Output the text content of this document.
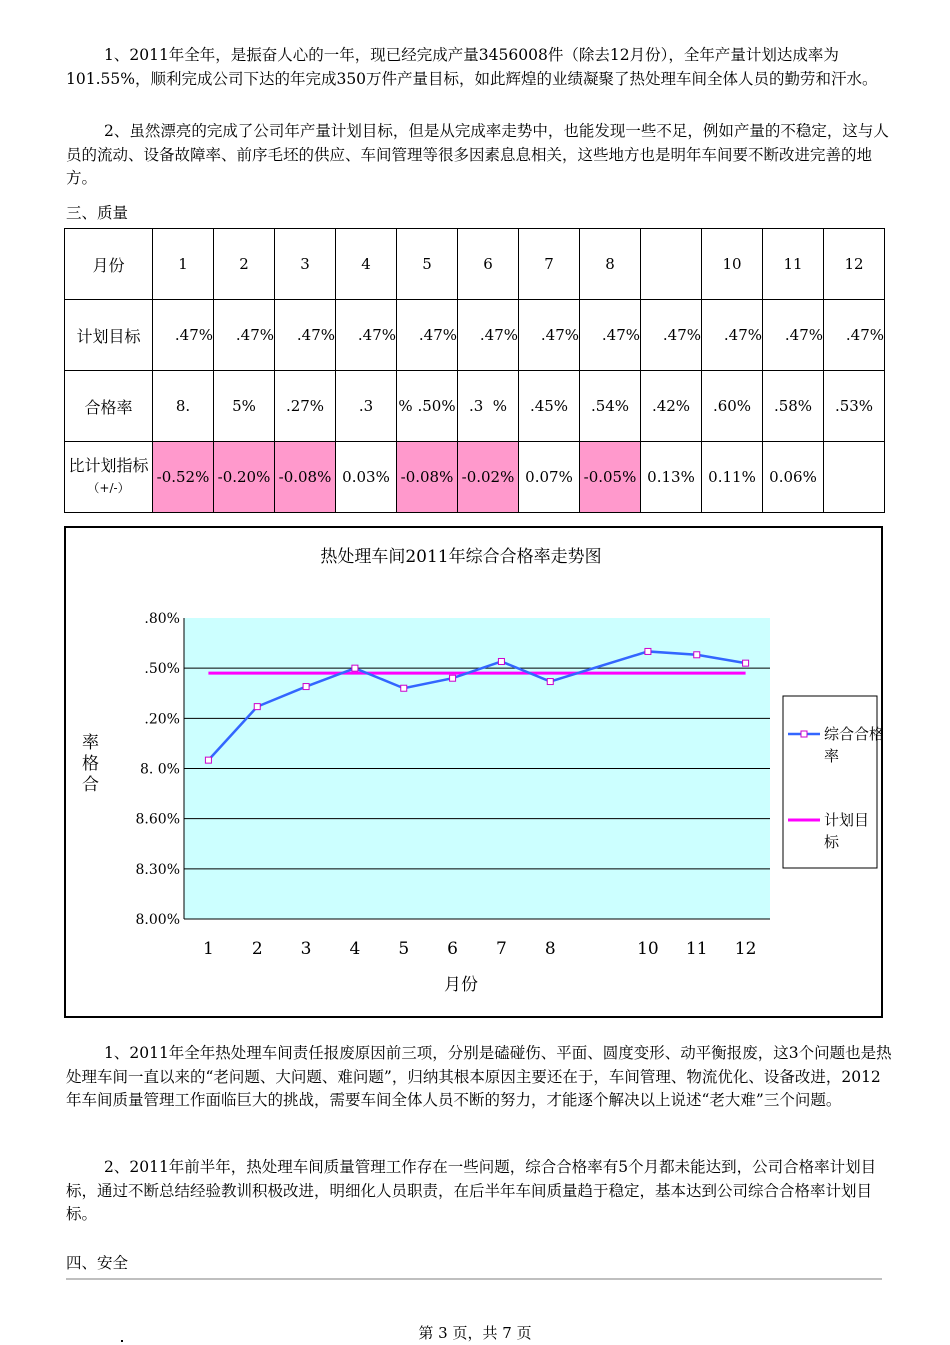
1、2011年全年，是振奋人心的一年，现已经完成产量3456008件（除去12月份），全年产量计划达成率为101.55%，顺利完成公司下达的年完成350万件产量目标，如此辉煌的业绩凝聚了热处理车间全体人员的勤劳和汗水。

2、虽然漂亮的完成了公司年产量计划目标，但是从完成率走势中，也能发现一些不足，例如产量的不稳定，这与人员的流动、设备故障率、前序毛坯的供应、车间管理等很多因素息息相关，这些地方也是明年车间要不断改进完善的地方。

三、质量

月份	1	2	3	4	5	6	7	8		10	11	12
计划目标	.47%	.47%	.47%	.47%	.47%	.47%	.47%	.47%	.47%	.47%	.47%	.47%
合格率	8.	5%	.27%	.3	% .50%	.3 %	.45%	.54%	.42%	.60%	.58%	.53%
比计划指标
（+/-）	-0.52%	-0.20%	-0.08%	0.03%	-0.08%	-0.02%	0.07%	-0.05%	0.13%	0.11%	0.06%	
热处理车间2011年综合合格率走势图
.80%
.50%
.20%
8. 0%
8.60%
8.30%
8.00%
1 2 3 4 5 6 7 8	10 11 12
月份
率格合
综合合格率
计划目标

1、2011年全年热处理车间责任报废原因前三项，分别是磕碰伤、平面、圆度变形、动平衡报废，这3个问题也是热处理车间一直以来的“老问题、大问题、难问题”，归纳其根本原因主要还在于，车间管理、物流优化、设备改进，2012年车间质量管理工作面临巨大的挑战，需要车间全体人员不断的努力，才能逐个解决以上说述“老大难”三个问题。

2、2011年前半年，热处理车间质量管理工作存在一些问题，综合合格率有5个月都未能达到，公司合格率计划目标，通过不断总结经验教训积极改进，明细化人员职责，在后半年车间质量趋于稳定，基本达到公司综合合格率计划目标。

四、安全

第 3 页，共 7 页
